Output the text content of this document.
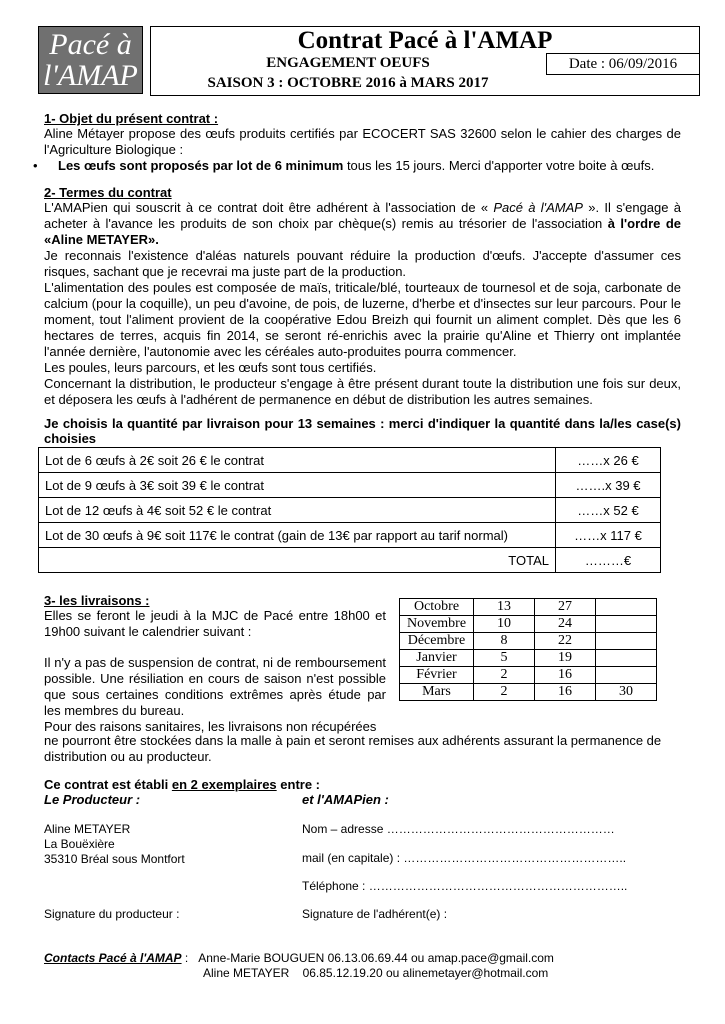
Pacé à
l'AMAP
Contrat Pacé à l'AMAP
ENGAGEMENT OEUFS
SAISON 3 : OCTOBRE 2016 à MARS 2017
Date : 06/09/2016
1- Objet du présent contrat :
Aline Métayer propose des œufs produits certifiés par ECOCERT SAS 32600 selon le cahier des charges de l'Agriculture Biologique :
• Les œufs sont proposés par lot de 6 minimum tous les 15 jours. Merci d'apporter votre boite à œufs.
2- Termes du contrat

L'AMAPien qui souscrit à ce contrat doit être adhérent à l'association de « Pacé à l'AMAP ». Il s'engage à acheter à l'avance les produits de son choix par chèque(s) remis au trésorier de l'association à l'ordre de «Aline METAYER».

Je reconnais l'existence d'aléas naturels pouvant réduire la production d'œufs. J'accepte d'assumer ces risques, sachant que je recevrai ma juste part de la production.

L'alimentation des poules est composée de maïs, triticale/blé, tourteaux de tournesol et de soja, carbonate de calcium (pour la coquille), un peu d'avoine, de pois, de luzerne, d'herbe et d'insectes sur leur parcours. Pour le moment, tout l'aliment provient de la coopérative Edou Breizh qui fournit un aliment complet. Dès que les 6 hectares de terres, acquis fin 2014, se seront ré-enrichis avec la prairie qu'Aline et Thierry ont implantée l'année dernière, l'autonomie avec les céréales auto-produites pourra commencer.

Les poules, leurs parcours, et les œufs sont tous certifiés.

Concernant la distribution, le producteur s'engage à être présent durant toute la distribution une fois sur deux, et déposera les œufs à l'adhérent de permanence en début de distribution les autres semaines.

Je choisis la quantité par livraison pour 13 semaines : merci d'indiquer la quantité dans la/les case(s) choisies
Lot de 6 œufs à 2€ soit 26 € le contrat	……x 26 €
Lot de 9 œufs à 3€ soit 39 € le contrat	…….x 39 €
Lot de 12 œufs à 4€ soit 52 € le contrat	……x 52 €
Lot de 30 œufs à 9€ soit 117€ le contrat (gain de 13€ par rapport au tarif normal)	……x 117 €
TOTAL	………€
3- les livraisons :
Elles se feront le jeudi à la MJC de Pacé entre 18h00 et 19h00 suivant le calendrier suivant :
Il n'y a pas de suspension de contrat, ni de remboursement possible. Une résiliation en cours de saison n'est possible que sous certaines conditions extrêmes après étude par les membres du bureau.
Pour des raisons sanitaires, les livraisons non récupérées
ne pourront être stockées dans la malle à pain et seront remises aux adhérents assurant la permanence de distribution ou au producteur.
Octobre	13	27	
Novembre	10	24	
Décembre	8	22	
Janvier	5	19	
Février	2	16	
Mars	2	16	30
Ce contrat est établi en 2 exemplaires entre :
Le Producteur :	et l'AMAPien :
Aline METAYER
La Bouëxière
35310 Bréal sous Montfort
Nom – adresse …………………………………………………
mail (en capitale) : ………………………………………………..
Téléphone : ………………………………………………………..
Signature du producteur :	Signature de l'adhérent(e) :
Contacts Pacé à l'AMAP : Anne-Marie BOUGUEN 06.13.06.69.44 ou amap.pace@gmail.com
Aline METAYER    06.85.12.19.20 ou alinemetayer@hotmail.com
